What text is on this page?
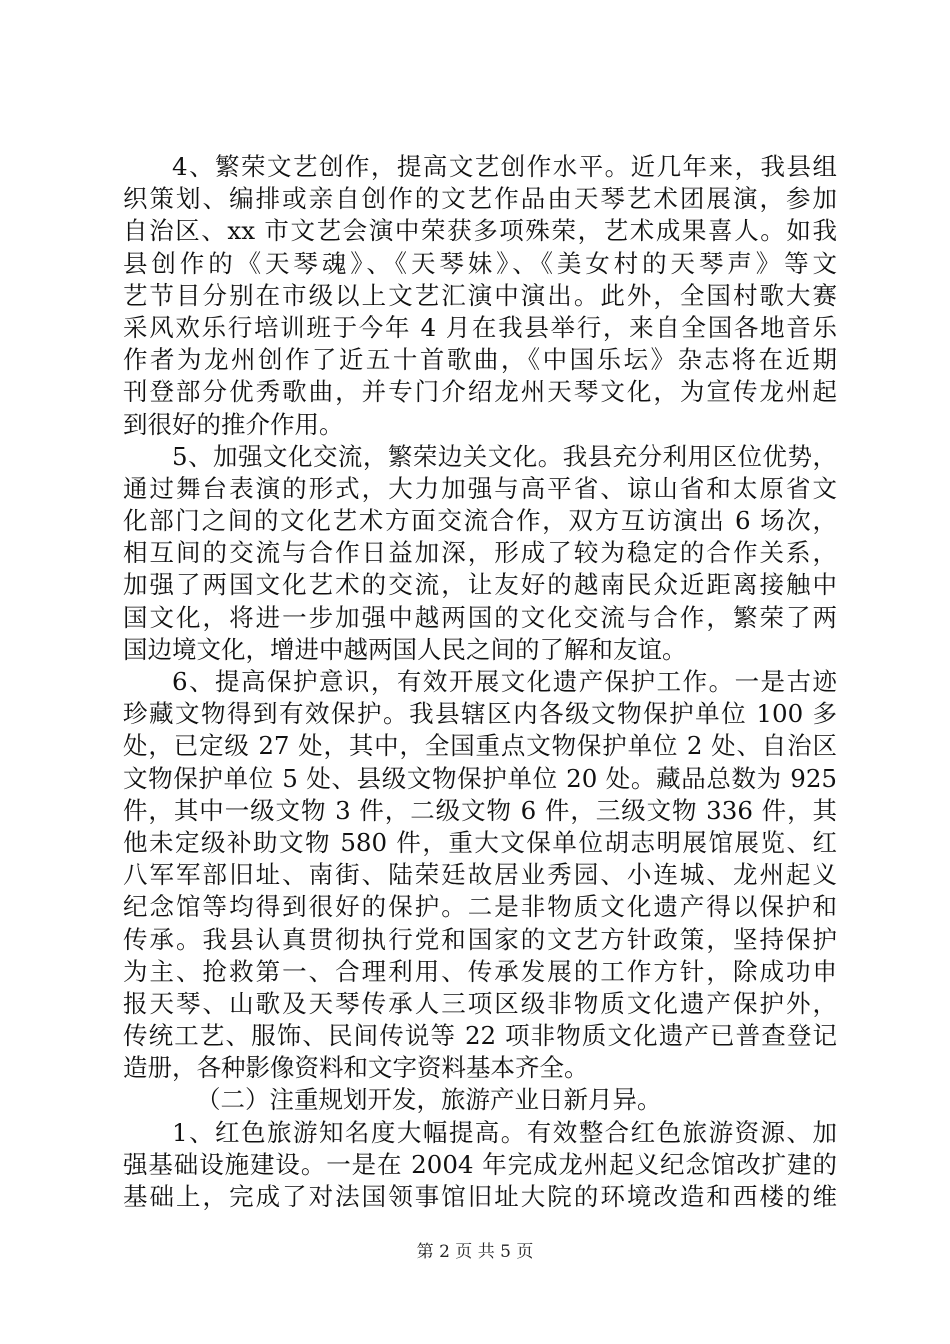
4、繁荣文艺创作，提高文艺创作水平。近几年来，我县组
织策划、编排或亲自创作的文艺作品由天琴艺术团展演，参加
自治区、xx 市文艺会演中荣获多项殊荣，艺术成果喜人。如我
县创作的《天琴魂》、《天琴妹》、《美女村的天琴声》等文
艺节目分别在市级以上文艺汇演中演出。此外，全国村歌大赛
采风欢乐行培训班于今年 4 月在我县举行，来自全国各地音乐
作者为龙州创作了近五十首歌曲，《中国乐坛》杂志将在近期
刊登部分优秀歌曲，并专门介绍龙州天琴文化，为宣传龙州起
到很好的推介作用。
5、加强文化交流，繁荣边关文化。我县充分利用区位优势，
通过舞台表演的形式，大力加强与高平省、谅山省和太原省文
化部门之间的文化艺术方面交流合作，双方互访演出 6 场次，
相互间的交流与合作日益加深，形成了较为稳定的合作关系，
加强了两国文化艺术的交流，让友好的越南民众近距离接触中
国文化，将进一步加强中越两国的文化交流与合作，繁荣了两
国边境文化，增进中越两国人民之间的了解和友谊。
6、提高保护意识，有效开展文化遗产保护工作。一是古迹
珍藏文物得到有效保护。我县辖区内各级文物保护单位 100 多
处，已定级 27 处，其中，全国重点文物保护单位 2 处、自治区
文物保护单位 5 处、县级文物保护单位 20 处。藏品总数为 925
件，其中一级文物 3 件，二级文物 6 件，三级文物 336 件，其
他未定级补助文物 580 件，重大文保单位胡志明展馆展览、红
八军军部旧址、南街、陆荣廷故居业秀园、小连城、龙州起义
纪念馆等均得到很好的保护。二是非物质文化遗产得以保护和
传承。我县认真贯彻执行党和国家的文艺方针政策，坚持保护
为主、抢救第一、合理利用、传承发展的工作方针，除成功申
报天琴、山歌及天琴传承人三项区级非物质文化遗产保护外，
传统工艺、服饰、民间传说等 22 项非物质文化遗产已普查登记
造册，各种影像资料和文字资料基本齐全。
（二）注重规划开发，旅游产业日新月异。
1、红色旅游知名度大幅提高。有效整合红色旅游资源、加
强基础设施建设。一是在 2004 年完成龙州起义纪念馆改扩建的
基础上，完成了对法国领事馆旧址大院的环境改造和西楼的维
第 2 页 共 5 页
